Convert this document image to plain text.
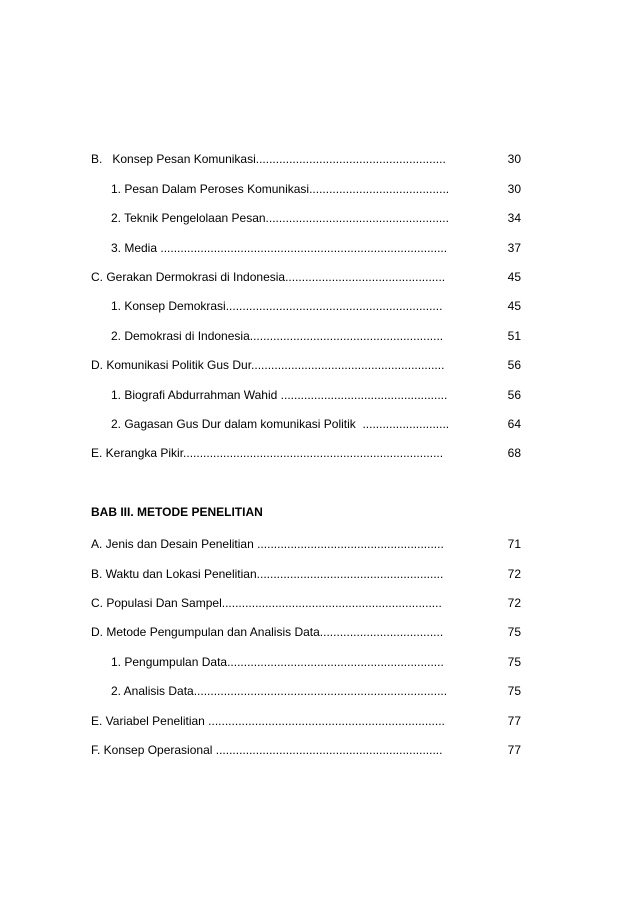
B.   Konsep Pesan Komunikasi.........................................................	30
1. Pesan Dalam Peroses Komunikasi..........................................	30
2. Teknik Pengelolaan Pesan.......................................................	34
3. Media ......................................................................................	37
C. Gerakan Dermokrasi di Indonesia................................................	45
1. Konsep Demokrasi.................................................................	45
2. Demokrasi di Indonesia..........................................................	51
D. Komunikasi Politik Gus Dur..........................................................	56
1. Biografi Abdurrahman Wahid ..................................................	56
2. Gagasan Gus Dur dalam komunikasi Politik  ..........................	64
E. Kerangka Pikir..............................................................................	68
BAB III. METODE PENELITIAN
A. Jenis dan Desain Penelitian ........................................................	71
B. Waktu dan Lokasi Penelitian........................................................	72
C. Populasi Dan Sampel..................................................................	72
D. Metode Pengumpulan dan Analisis Data.....................................	75
1. Pengumpulan Data.................................................................	75
2. Analisis Data............................................................................	75
E. Variabel Penelitian .......................................................................	77
F. Konsep Operasional ....................................................................	77
